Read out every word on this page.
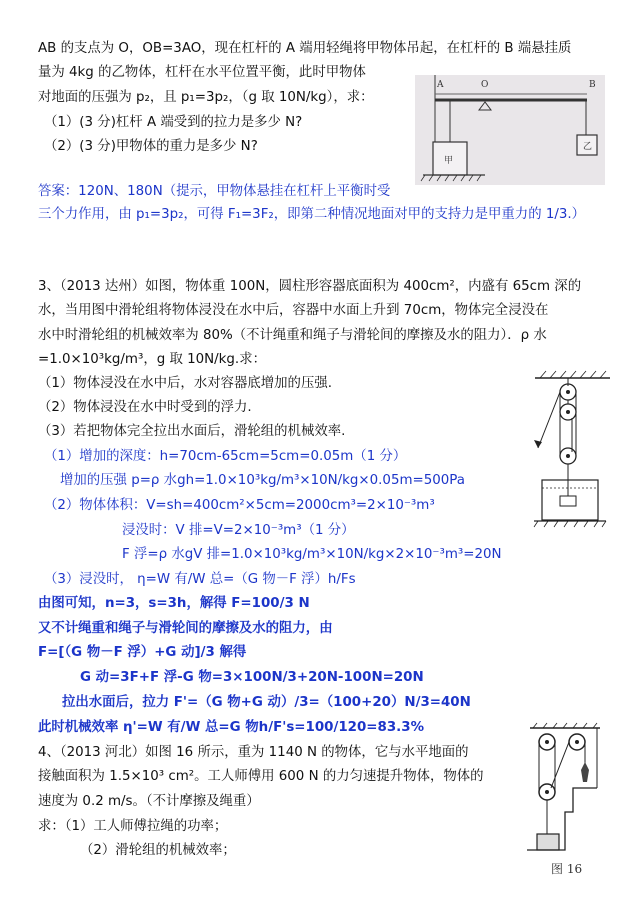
AB 的支点为 O，OB=3AO，现在杠杆的 A 端用轻绳将甲物体吊起，在杠杆的 B 端悬挂质
量为 4kg 的乙物体，杠杆在水平位置平衡，此时甲物体
对地面的压强为 p₂，且 p₁=3p₂，（g 取 10N/kg），求：
（1）(3 分)杠杆 A 端受到的拉力是多少 N?
（2）(3 分)甲物体的重力是多少 N?
答案：120N、180N（提示，甲物体悬挂在杠杆上平衡时受
三个力作用，由 p₁=3p₂，可得 F₁=3F₂，即第二种情况地面对甲的支持力是甲重力的 1/3.）
A	O	B
甲
乙
3、（2013 达州）如图，物体重 100N，圆柱形容器底面积为 400cm²，内盛有 65cm 深的
水，当用图中滑轮组将物体浸没在水中后，容器中水面上升到 70cm，物体完全浸没在
水中时滑轮组的机械效率为 80%（不计绳重和绳子与滑轮间的摩擦及水的阻力）．ρ 水
=1.0×10³kg/m³，g 取 10N/kg.求：
（1）物体浸没在水中后，水对容器底增加的压强.
（2）物体浸没在水中时受到的浮力.
（3）若把物体完全拉出水面后，滑轮组的机械效率.
（1）增加的深度：h=70cm-65cm=5cm=0.05m（1 分）
增加的压强 p=ρ 水gh=1.0×10³kg/m³×10N/kg×0.05m=500Pa
（2）物体体积：V=sh=400cm²×5cm=2000cm³=2×10⁻³m³
浸没时：V 排=V=2×10⁻³m³（1 分）
F 浮=ρ 水gV 排=1.0×10³kg/m³×10N/kg×2×10⁻³m³=20N
（3）浸没时， η=W 有/W 总=（G 物－F 浮）h/Fs
由图可知，n=3，s=3h，解得 F=100/3 N
又不计绳重和绳子与滑轮间的摩擦及水的阻力，由
F=[（G 物－F 浮）+G 动]/3 解得
G 动=3F+F 浮-G 物=3×100N/3+20N-100N=20N
拉出水面后，拉力 F'=（G 物+G 动）/3=（100+20）N/3=40N
此时机械效率 η'=W 有/W 总=G 物h/F's=100/120=83.3%
4、（2013 河北）如图 16 所示，重为 1140 N 的物体，它与水平地面的
接触面积为 1.5×10³ cm²。工人师傅用 600 N 的力匀速提升物体，物体的
速度为 0.2 m/s。（不计摩擦及绳重）
求：（1）工人师傅拉绳的功率；
（2）滑轮组的机械效率；
图 16
